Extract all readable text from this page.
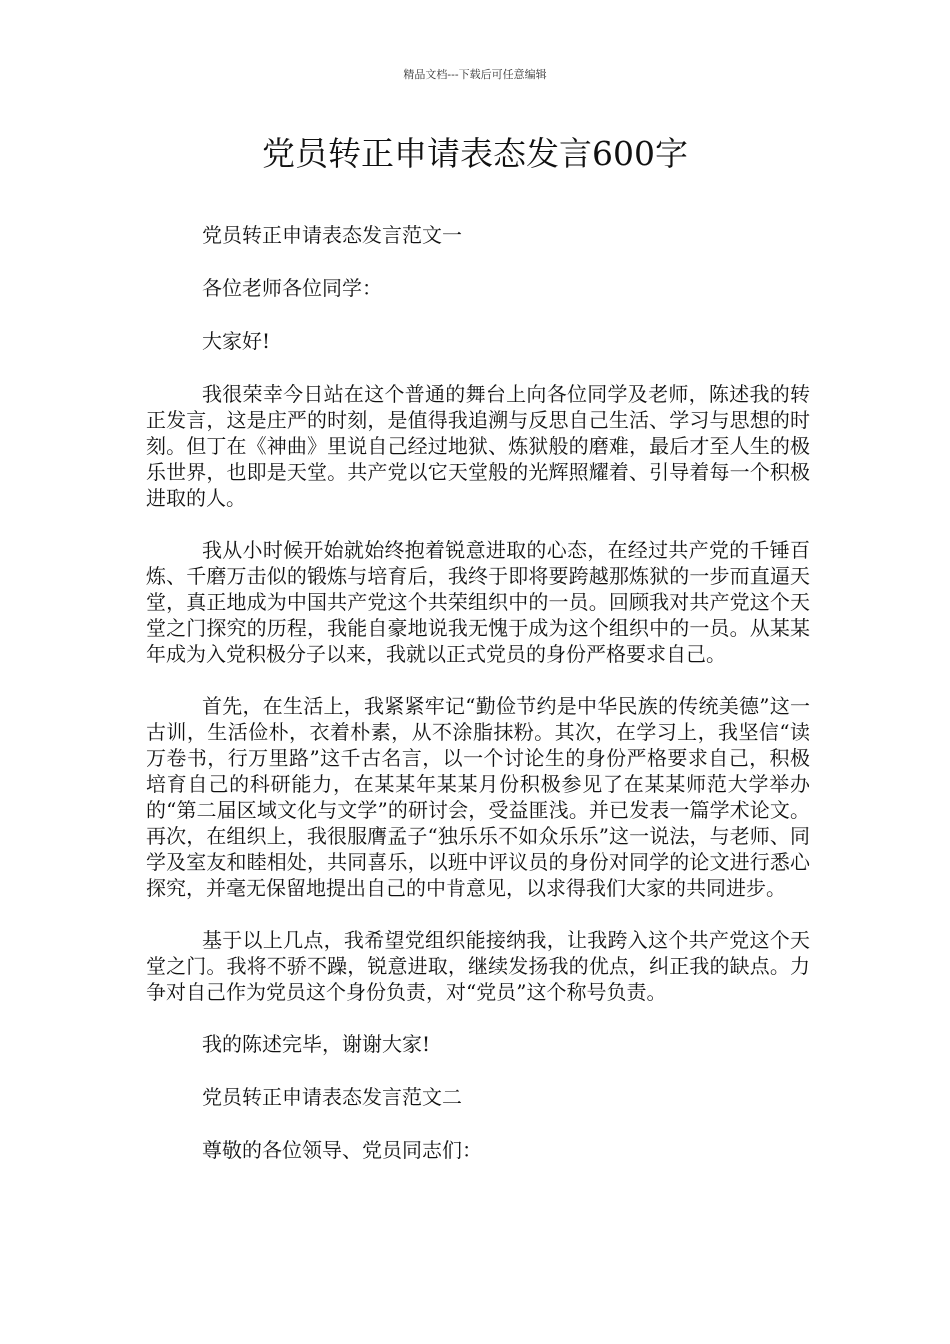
精品文档---下载后可任意编辑
党员转正申请表态发言600字

党员转正申请表态发言范文一

各位老师各位同学：

大家好!

我很荣幸今日站在这个普通的舞台上向各位同学及老师，陈述我的转正发言，这是庄严的时刻，是值得我追溯与反思自己生活、学习与思想的时刻。但丁在《神曲》里说自己经过地狱、炼狱般的磨难，最后才至人生的极乐世界，也即是天堂。共产党以它天堂般的光辉照耀着、引导着每一个积极进取的人。

我从小时候开始就始终抱着锐意进取的心态，在经过共产党的千锤百炼、千磨万击似的锻炼与培育后，我终于即将要跨越那炼狱的一步而直逼天堂，真正地成为中国共产党这个共荣组织中的一员。回顾我对共产党这个天堂之门探究的历程，我能自豪地说我无愧于成为这个组织中的一员。从某某年成为入党积极分子以来，我就以正式党员的身份严格要求自己。

首先，在生活上，我紧紧牢记“勤俭节约是中华民族的传统美德”这一古训，生活俭朴，衣着朴素，从不涂脂抹粉。其次，在学习上，我坚信“读万卷书，行万里路”这千古名言，以一个讨论生的身份严格要求自己，积极培育自己的科研能力，在某某年某某月份积极参见了在某某师范大学举办的“第二届区域文化与文学”的研讨会，受益匪浅。并已发表一篇学术论文。再次，在组织上，我很服膺孟子“独乐乐不如众乐乐”这一说法，与老师、同学及室友和睦相处，共同喜乐，以班中评议员的身份对同学的论文进行悉心探究，并毫无保留地提出自己的中肯意见，以求得我们大家的共同进步。

基于以上几点，我希望党组织能接纳我，让我跨入这个共产党这个天堂之门。我将不骄不躁，锐意进取，继续发扬我的优点，纠正我的缺点。力争对自己作为党员这个身份负责，对“党员”这个称号负责。

我的陈述完毕，谢谢大家!

党员转正申请表态发言范文二

尊敬的各位领导、党员同志们：
